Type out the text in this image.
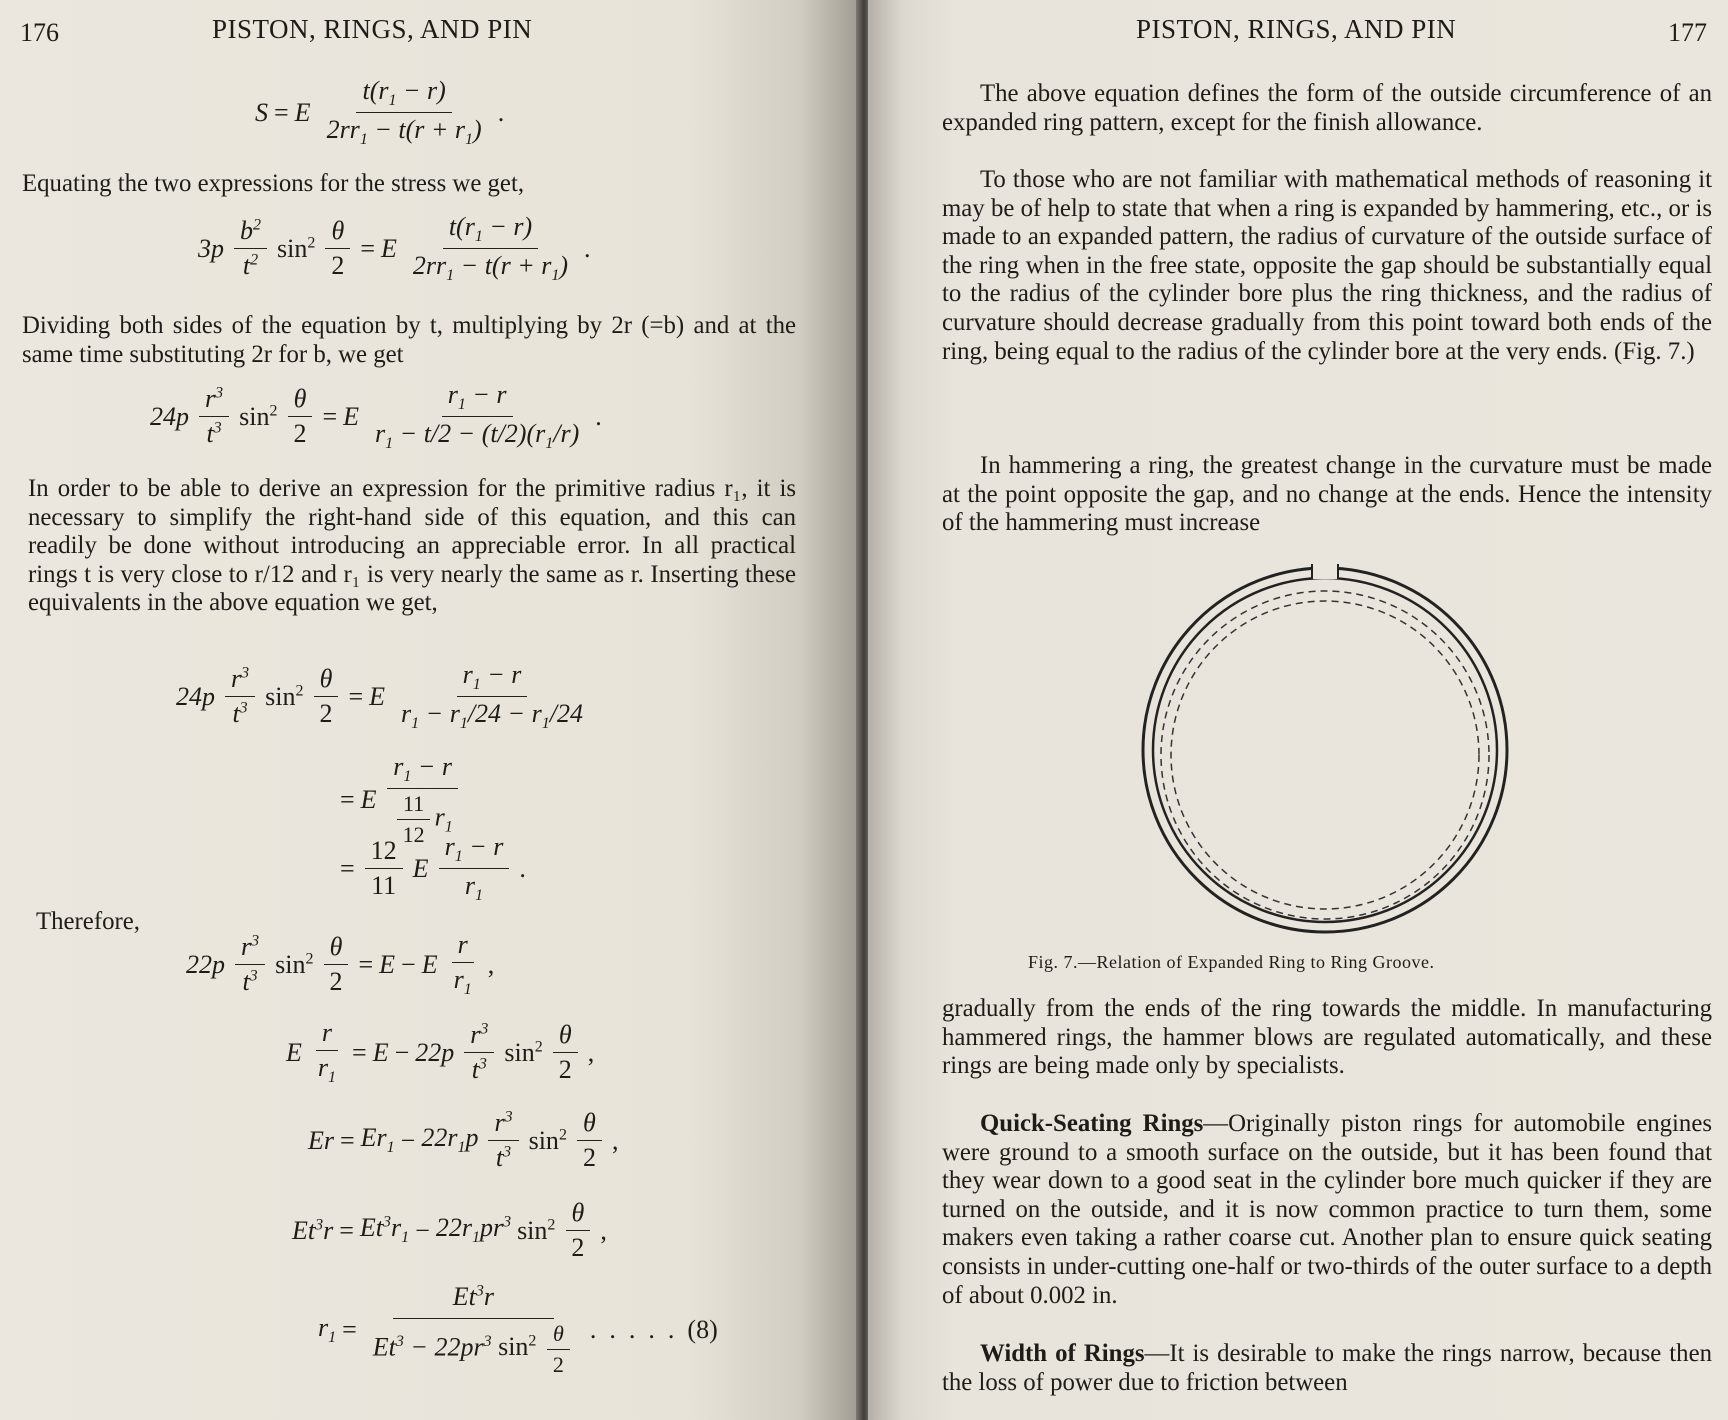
176	PISTON, RINGS, AND PIN
S = E $\frac{t(r_1 - r)}{2rr_1 - t(r + r_1)}$ .

Equating the two expressions for the stress we get,

$3p \frac{b^2}{t^2} \sin^2 \frac{\theta}{2} = E \frac{t(r_1 - r)}{2rr_1 - t(r + r_1)}$ .

Dividing both sides of the equation by t, multiplying by 2r (=b) and at the same time substituting 2r for b, we get

$24p \frac{r^3}{t^3} \sin^2 \frac{\theta}{2} = E \frac{r_1 - r}{r_1 - t/2 - (t/2)(r_1/r)}$ .

In order to be able to derive an expression for the primitive radius r₁, it is necessary to simplify the right-hand side of this equation, and this can readily be done without introducing an appreciable error. In all practical rings t is very close to r/12 and r₁ is very nearly the same as r. Inserting these equivalents in the above equation we get,

$24p \frac{r^3}{t^3} \sin^2 \frac{\theta}{2} = E \frac{r_1 - r}{r_1 - r_1/24 - r_1/24}$
= E $\frac{r_1 - r}{\frac{11}{12} r_1}$
= $\frac{12}{11}$ E $\frac{r_1 - r}{r_1}$ .

Therefore,

$22p \frac{r^3}{t^3} \sin^2 \frac{\theta}{2} = E - E \frac{r}{r_1}$ ,
E $\frac{r}{r_1} = E - 22p \frac{r^3}{t^3} \sin^2 \frac{\theta}{2}$ ,
$Er = Er_1 - 22r_1p \frac{r^3}{t^3} \sin^2 \frac{\theta}{2}$ ,
$Et^3r = Et^3r_1 - 22r_1pr^3$ $\sin^2 \frac{\theta}{2}$ ,
$r_1 = \frac{Et^3r}{Et^3 - 22pr^3 \sin^2 \frac{\theta}{2}}$ .  .  .  .  .  (8)
PISTON, RINGS, AND PIN	177

The above equation defines the form of the outside circumference of an expanded ring pattern, except for the finish allowance.

To those who are not familiar with mathematical methods of reasoning it may be of help to state that when a ring is expanded by hammering, etc., or is made to an expanded pattern, the radius of curvature of the outside surface of the ring when in the free state, opposite the gap should be substantially equal to the radius of the cylinder bore plus the ring thickness, and the radius of curvature should decrease gradually from this point toward both ends of the ring, being equal to the radius of the cylinder bore at the very ends. (Fig. 7.)

In hammering a ring, the greatest change in the curvature must be made at the point opposite the gap, and no change at the ends. Hence the intensity of the hammering must increase

Fig. 7.—Relation of Expanded Ring to Ring Groove.

gradually from the ends of the ring towards the middle. In manufacturing hammered rings, the hammer blows are regulated automatically, and these rings are being made only by specialists.

Quick-Seating Rings—Originally piston rings for automobile engines were ground to a smooth surface on the outside, but it has been found that they wear down to a good seat in the cylinder bore much quicker if they are turned on the outside, and it is now common practice to turn them, some makers even taking a rather coarse cut. Another plan to ensure quick seating consists in under-cutting one-half or two-thirds of the outer surface to a depth of about 0.002 in.

Width of Rings—It is desirable to make the rings narrow, because then the loss of power due to friction between
